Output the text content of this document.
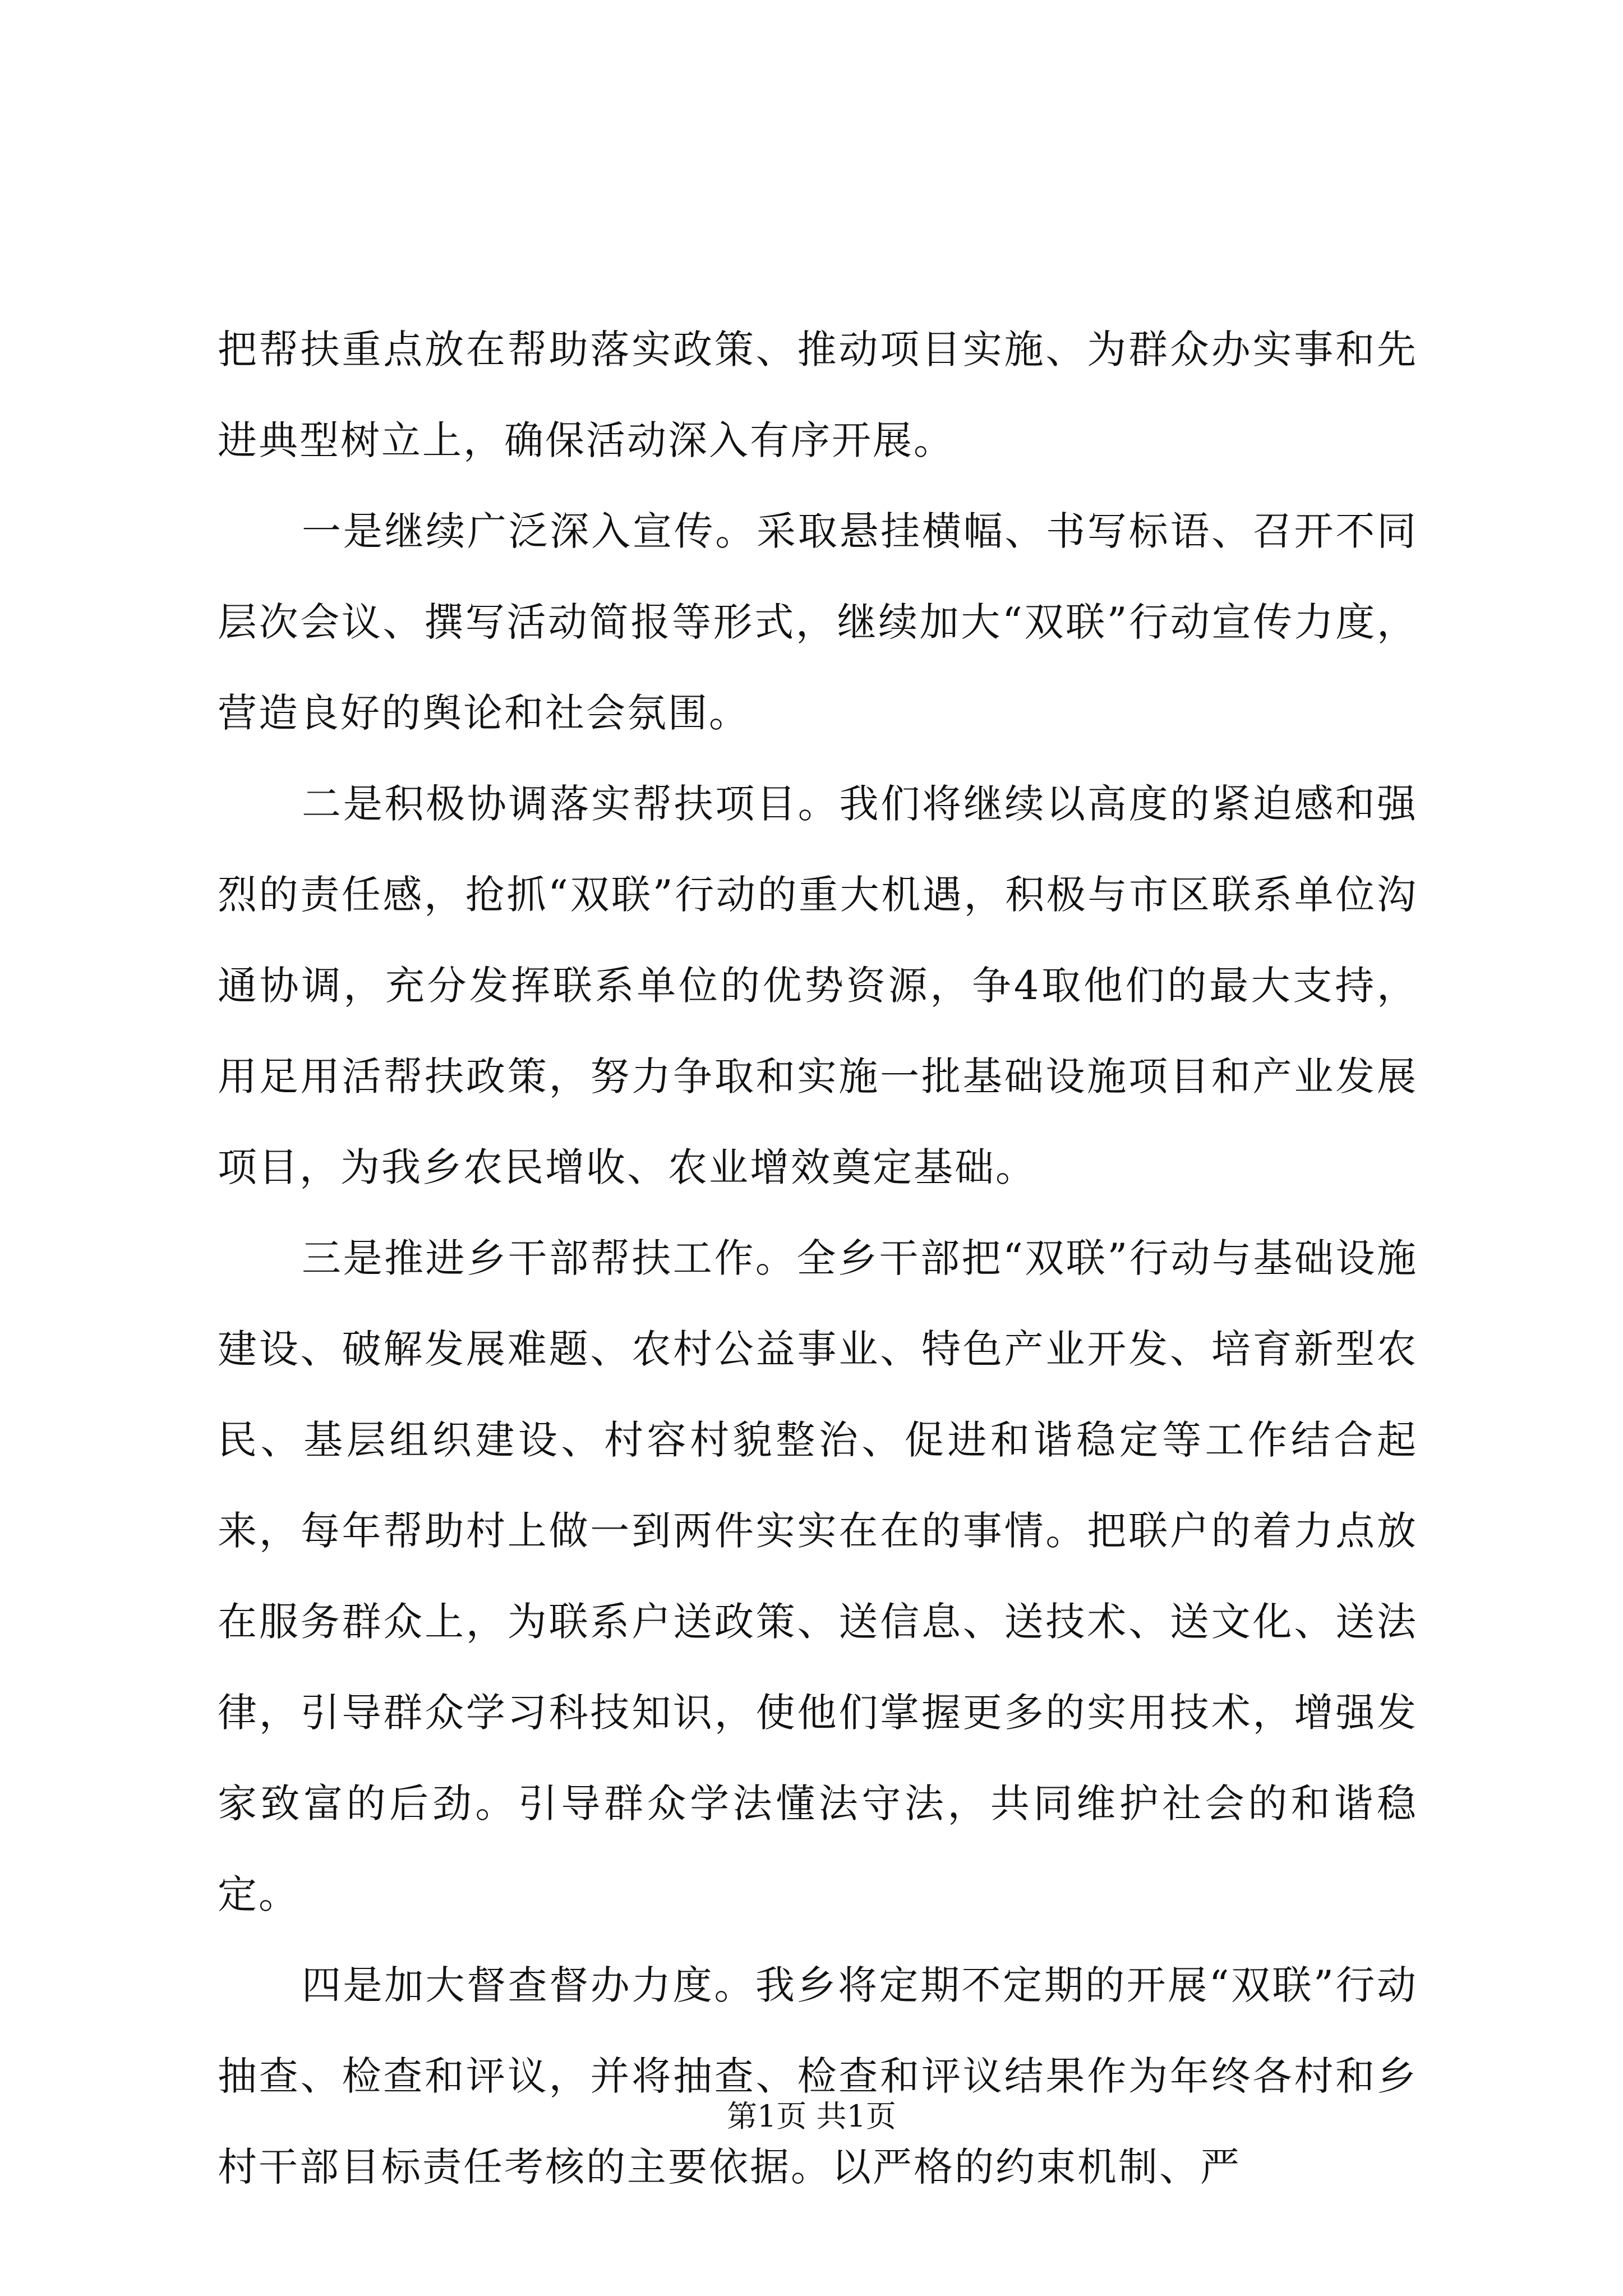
把帮扶重点放在帮助落实政策、推动项目实施、为群众办实事和先进典型树立上，确保活动深入有序开展。

一是继续广泛深入宣传。采取悬挂横幅、书写标语、召开不同层次会议、撰写活动简报等形式，继续加大“双联”行动宣传力度，营造良好的舆论和社会氛围。

二是积极协调落实帮扶项目。我们将继续以高度的紧迫感和强烈的责任感，抢抓“双联”行动的重大机遇，积极与市区联系单位沟通协调，充分发挥联系单位的优势资源，争4取他们的最大支持，用足用活帮扶政策，努力争取和实施一批基础设施项目和产业发展项目，为我乡农民增收、农业增效奠定基础。

三是推进乡干部帮扶工作。全乡干部把“双联”行动与基础设施建设、破解发展难题、农村公益事业、特色产业开发、培育新型农民、基层组织建设、村容村貌整治、促进和谐稳定等工作结合起来，每年帮助村上做一到两件实实在在的事情。把联户的着力点放在服务群众上，为联系户送政策、送信息、送技术、送文化、送法律，引导群众学习科技知识，使他们掌握更多的实用技术，增强发家致富的后劲。引导群众学法懂法守法，共同维护社会的和谐稳定。

四是加大督查督办力度。我乡将定期不定期的开展“双联”行动抽查、检查和评议，并将抽查、检查和评议结果作为年终各村和乡村干部目标责任考核的主要依据。以严格的约束机制、严

第1页 共1页
